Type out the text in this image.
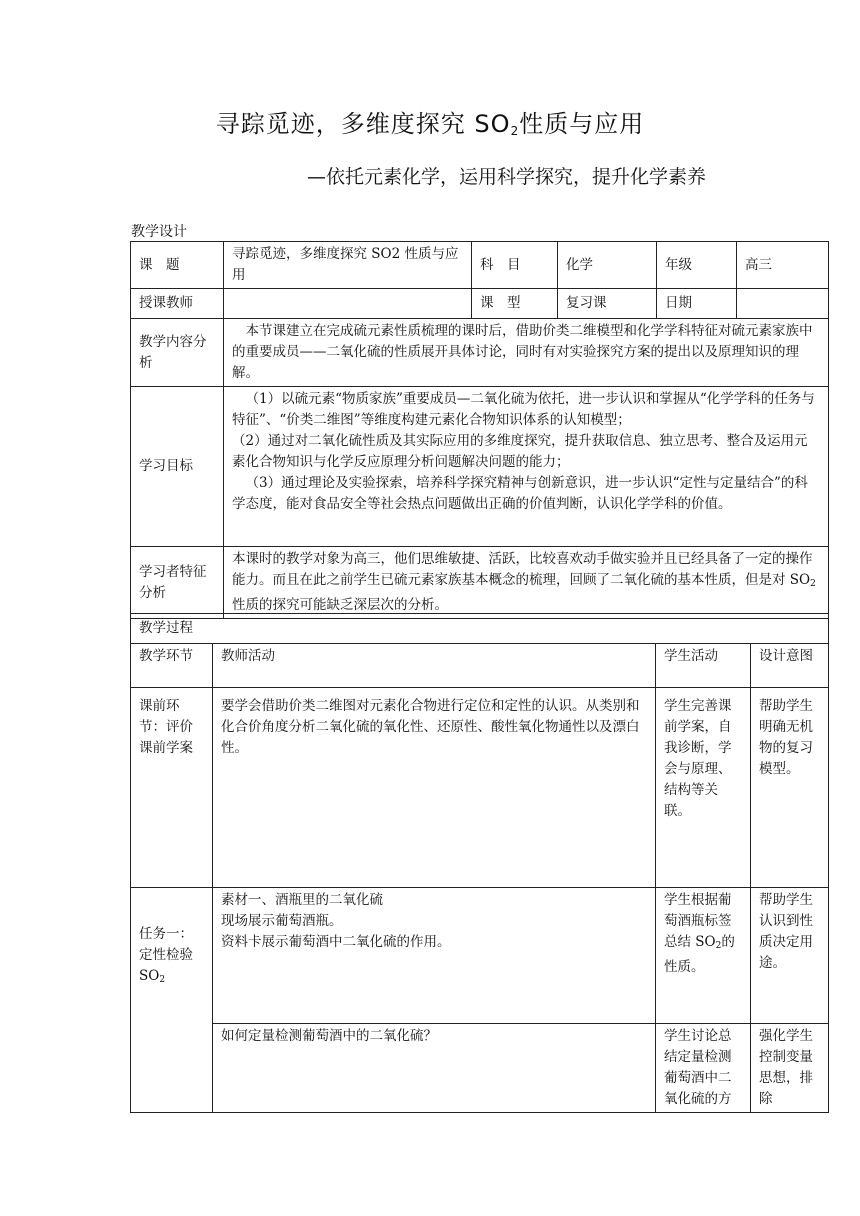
寻踪觅迹，多维度探究 $SO_2$性质与应用
—依托元素化学，运用科学探究，提升化学素养
教学设计
课　题	寻踪觅迹，多维度探究 SO2 性质与应用	科　目	化学	年级	高三
授课教师		课　型	复习课	日期	
教学内容分析	本节课建立在完成硫元素性质梳理的课时后，借助价类二维模型和化学学科特征对硫元素家族中的重要成员——二氧化硫的性质展开具体讨论，同时有对实验探究方案的提出以及原理知识的理解。				

学习目标	（1）以硫元素“物质家族”重要成员—二氧化硫为依托，进一步认识和掌握从“化学学科的任务与特征”、“价类二维图”等维度构建元素化合物知识体系的认知模型；
（2）通过对二氧化硫性质及其实际应用的多维度探究，提升获取信息、独立思考、整合及运用元素化合物知识与化学反应原理分析问题解决问题的能力；
（3）通过理论及实验探索，培养科学探究精神与创新意识，进一步认识“定性与定量结合”的科学态度，能对食品安全等社会热点问题做出正确的价值判断，认识化学学科的价值。				

学习者特征分析	本课时的教学对象为高三，他们思维敏捷、活跃，比较喜欢动手做实验并且已经具备了一定的操作能力。而且在此之前学生已硫元素家族基本概念的梳理，回顾了二氧化硫的基本性质，但是对 $SO_2$ 性质的探究可能缺乏深层次的分析。				
教学过程			
教学环节	教师活动	学生活动	设计意图

课前环节：评价课前学案	要学会借助价类二维图对元素化合物进行定位和定性的认识。从类别和化合价角度分析二氧化硫的氧化性、还原性、酸性氧化物通性以及漂白性。	学生完善课前学案，自我诊断，学会与原理、结构等关联。	帮助学生明确无机物的复习模型。

任务一：定性检验$SO_2$	素材一、酒瓶里的二氧化硫
现场展示葡萄酒瓶。
资料卡展示葡萄酒中二氧化硫的作用。	学生根据葡萄酒瓶标签总结 $SO_2$的性质。	帮助学生认识到性质决定用途。
	如何定量检测葡萄酒中的二氧化硫？	学生讨论总结定量检测葡萄酒中二氧化硫的方	强化学生控制变量思想，排除
